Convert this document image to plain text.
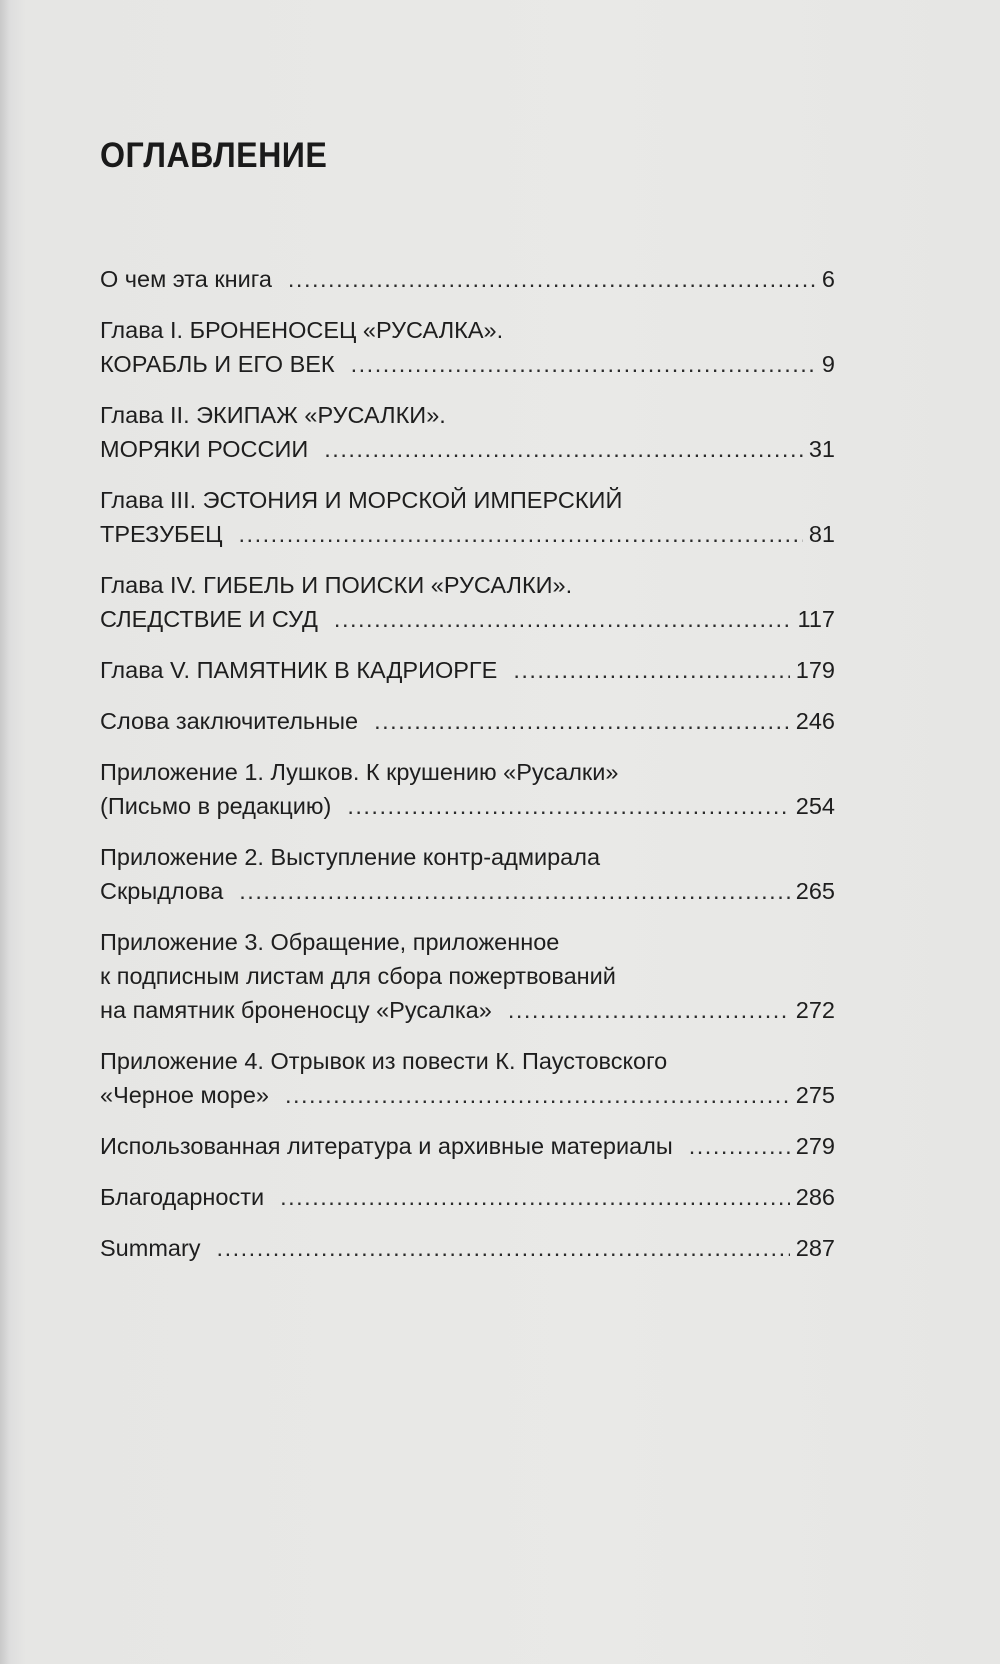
ОГЛАВЛЕНИЕ
О чем эта книга .....	6
Глава I. БРОНЕНОСЕЦ «РУСАЛКА».
КОРАБЛЬ И ЕГО ВЕК .....	9
Глава II. ЭКИПАЖ «РУСАЛКИ».
МОРЯКИ РОССИИ .....	31
Глава III. ЭСТОНИЯ И МОРСКОЙ ИМПЕРСКИЙ
ТРЕЗУБЕЦ .....	81
Глава IV. ГИБЕЛЬ И ПОИСКИ «РУСАЛКИ».
СЛЕДСТВИЕ И СУД .....	117
Глава V. ПАМЯТНИК В КАДРИОРГЕ .....	179
Слова заключительные .....	246
Приложение 1. Лушков. К крушению «Русалки»
(Письмо в редакцию) .....	254
Приложение 2. Выступление контр-адмирала
Скрыдлова .....	265
Приложение 3. Обращение, приложенное
к подписным листам для сбора пожертвований
на памятник броненосцу «Русалка» .....	272
Приложение 4. Отрывок из повести К. Паустовского
«Черное море» .....	275
Использованная литература и архивные материалы .....	279
Благодарности .....	286
Summary .....	287
